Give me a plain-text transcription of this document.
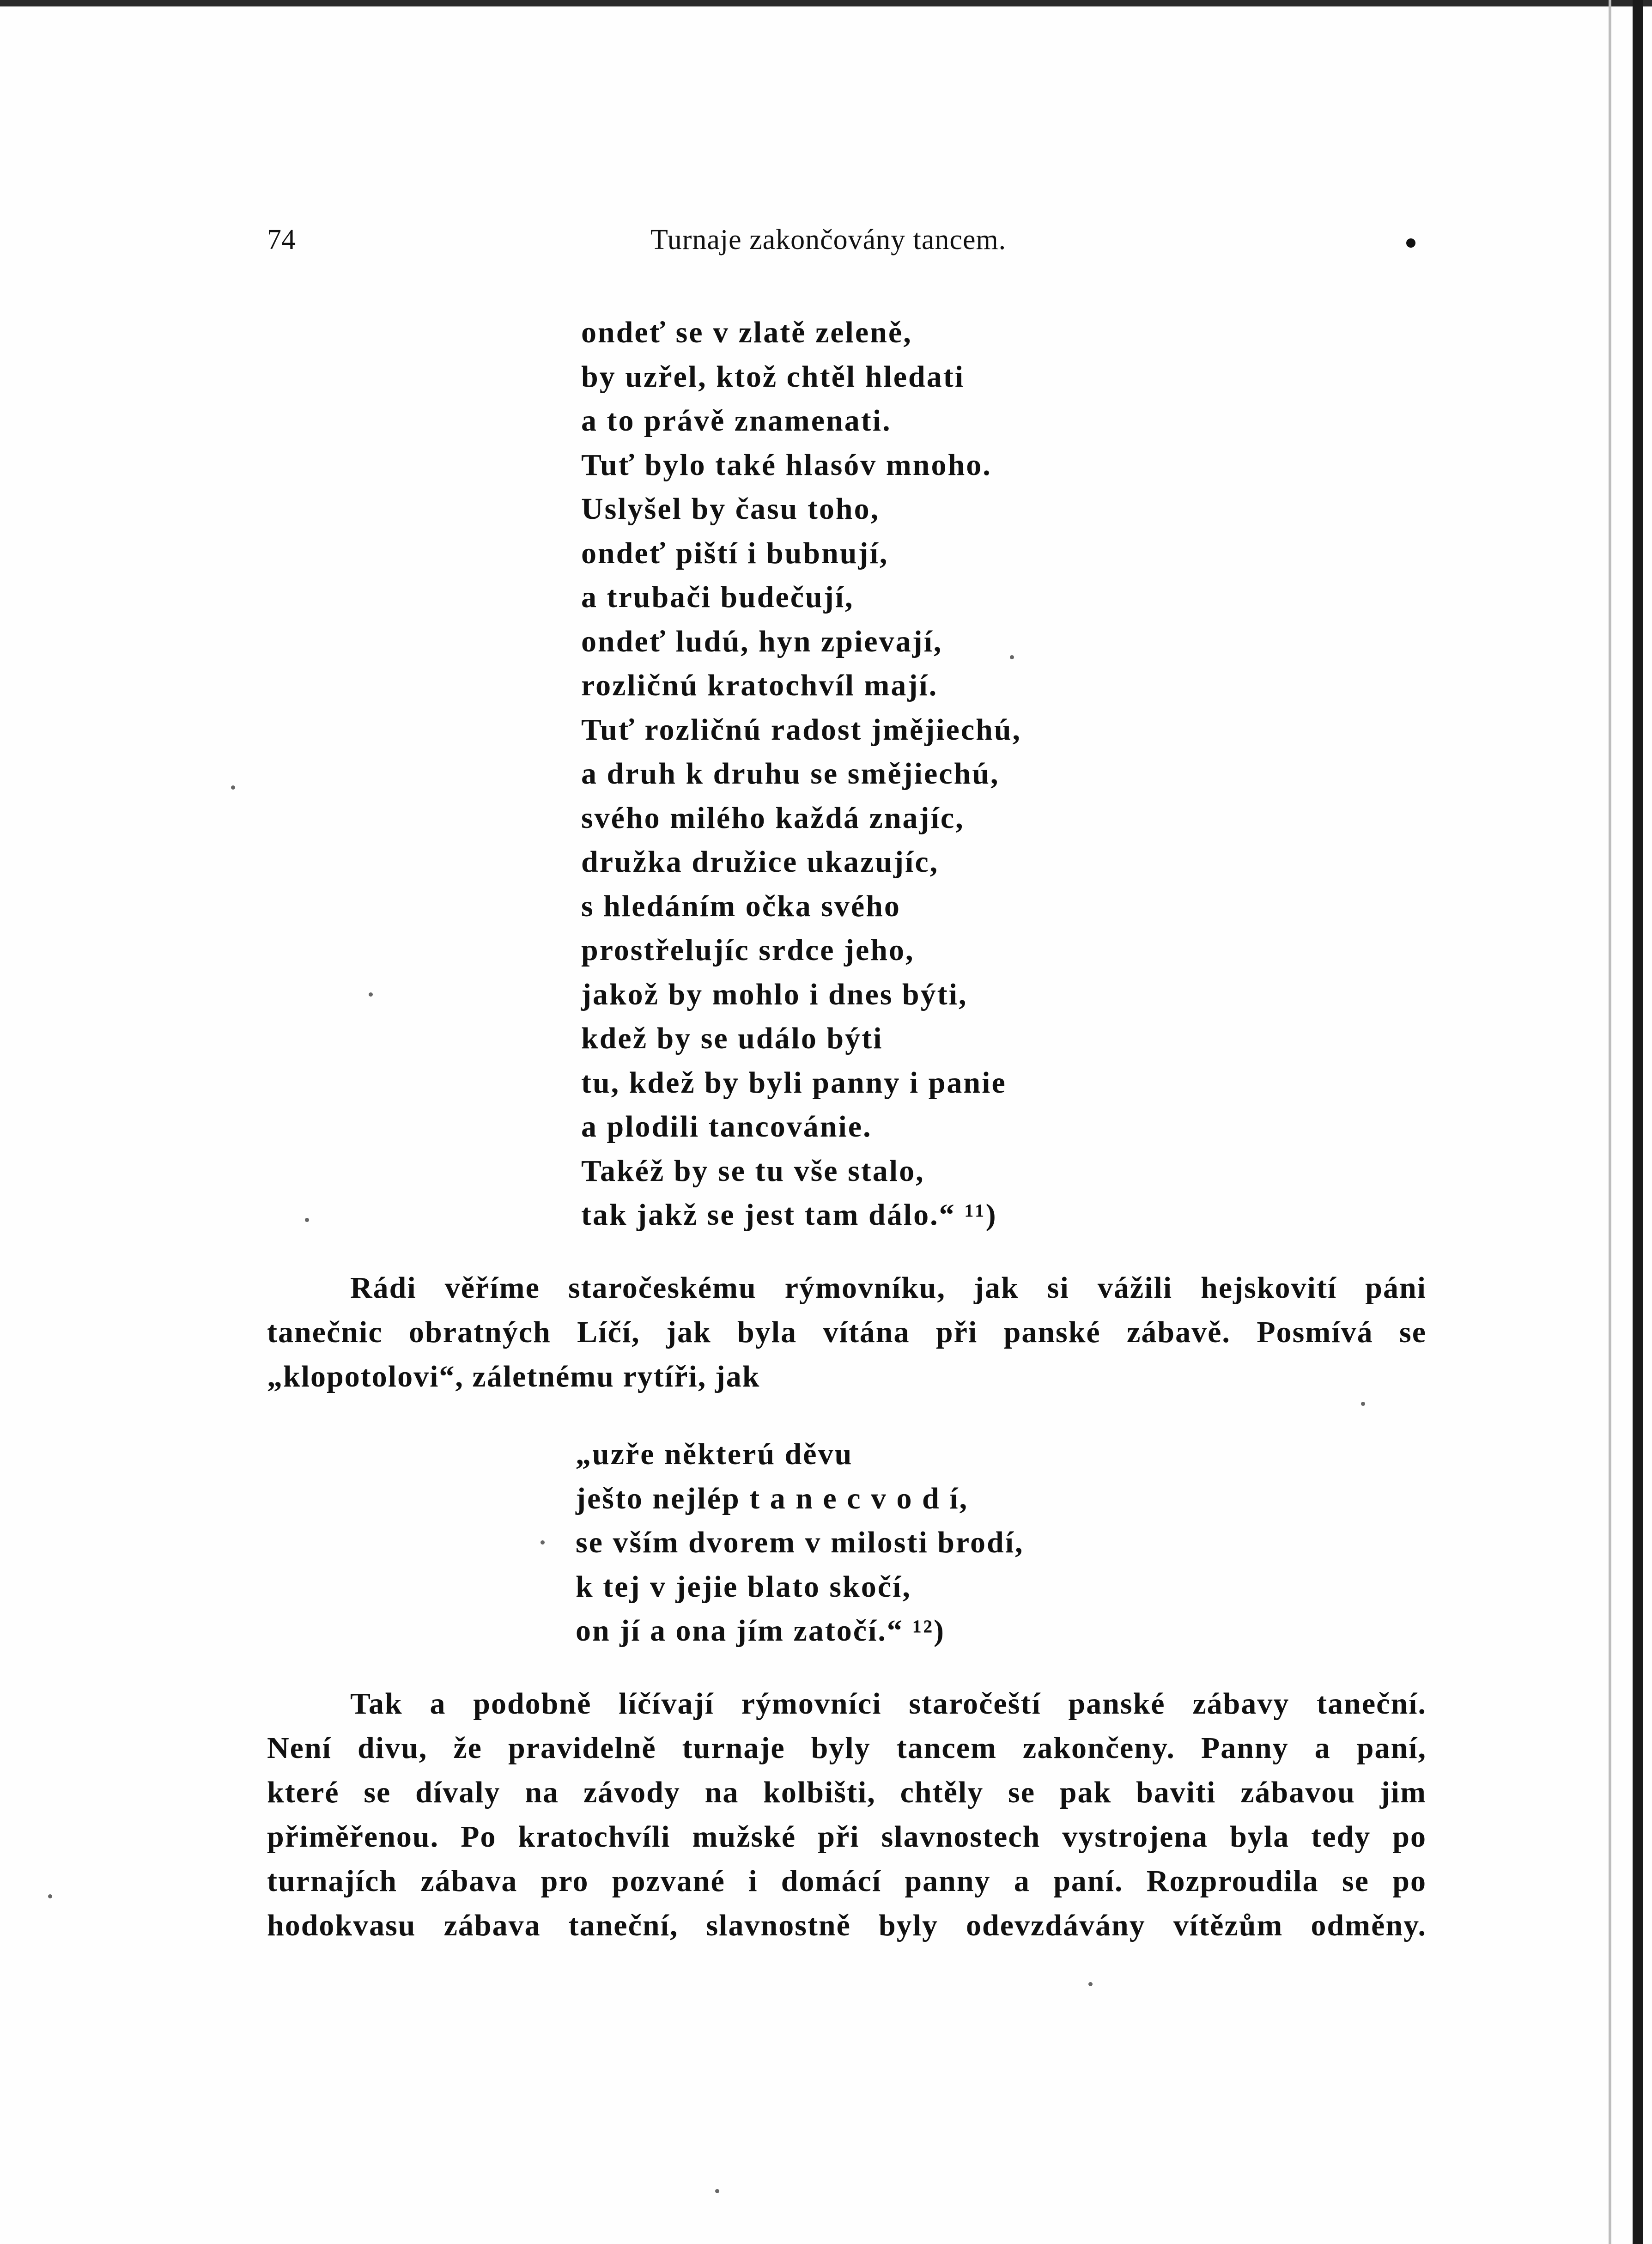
74	Turnaje zakončovány tancem.
ondeť se v zlatě zeleně,
by uzřel, ktož chtěl hledati
a to právě znamenati.
Tuť bylo také hlasóv mnoho.
Uslyšel by času toho,
ondeť piští i bubnují,
a trubači budečují,
ondeť ludú, hyn zpievají,
rozličnú kratochvíl mají.
Tuť rozličnú radost jmějiechú,
a druh k druhu se smějiechú,
svého milého každá znajíc,
družka družice ukazujíc,
s hledáním očka svého
prostřelujíc srdce jeho,
jakož by mohlo i dnes býti,
kdež by se událo býti
tu, kdež by byli panny i panie
a plodili tancovánie.
Takéž by se tu vše stalo,
tak jakž se jest tam dálo.“ ¹¹)
Rádi věříme staročeskému rýmovníku, jak si vážili hejskovití páni
tanečnic obratných Líčí, jak byla vítána při panské zábavě. Posmívá se
„klopotolovi“, záletnému rytíři, jak
„uzře některú děvu
ješto nejlép t a n e c v o d í,
se vším dvorem v milosti brodí,
k tej v jejie blato skočí,
on jí a ona jím zatočí.“ ¹²)
Tak a podobně líčívají rýmovníci staročeští panské zábavy taneční.
Není divu, že pravidelně turnaje byly tancem zakončeny. Panny a paní,
které se dívaly na závody na kolbišti, chtěly se pak baviti zábavou jim
přiměřenou. Po kratochvíli mužské při slavnostech vystrojena byla tedy po
turnajích zábava pro pozvané i domácí panny a paní. Rozproudila se po
hodokvasu zábava taneční, slavnostně byly odevzdávány vítězům odměny.
